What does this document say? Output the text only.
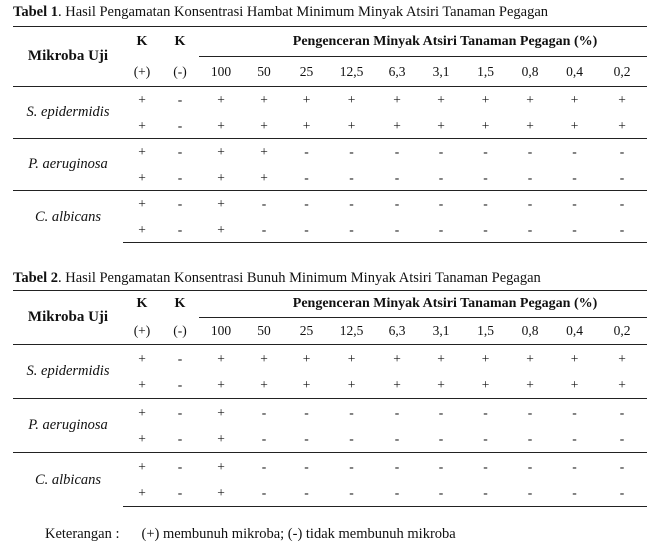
Tabel 1. Hasil Pengamatan Konsentrasi Hambat Minimum Minyak Atsiri Tanaman Pegagan
Mikroba Uji	K	K		Pengenceran Minyak Atsiri Tanaman Pegagan (%)								
	(+)	(-)	100	50	25	12,5	6,3	3,1	1,5	0,8	0,4	0,2
S. epidermidis	+	-	+	+	+	+	+	+	+	+	+	+
	+	-	+	+	+	+	+	+	+	+	+	+
P. aeruginosa	+	-	+	+	-	-	-	-	-	-	-	-
	+	-	+	+	-	-	-	-	-	-	-	-
C. albicans	+	-	+	-	-	-	-	-	-	-	-	-
	+	-	+	-	-	-	-	-	-	-	-	-
Tabel 2. Hasil Pengamatan Konsentrasi Bunuh Minimum Minyak Atsiri Tanaman Pegagan
Mikroba Uji	K	K		Pengenceran Minyak Atsiri Tanaman Pegagan (%)								
	(+)	(-)	100	50	25	12,5	6,3	3,1	1,5	0,8	0,4	0,2
S. epidermidis	+	-	+	+	+	+	+	+	+	+	+	+
	+	-	+	+	+	+	+	+	+	+	+	+
P. aeruginosa	+	-	+	-	-	-	-	-	-	-	-	-
	+	-	+	-	-	-	-	-	-	-	-	-
C. albicans	+	-	+	-	-	-	-	-	-	-	-	-
	+	-	+	-	-	-	-	-	-	-	-	-
Keterangan : (+) membunuh mikroba; (-) tidak membunuh mikroba
